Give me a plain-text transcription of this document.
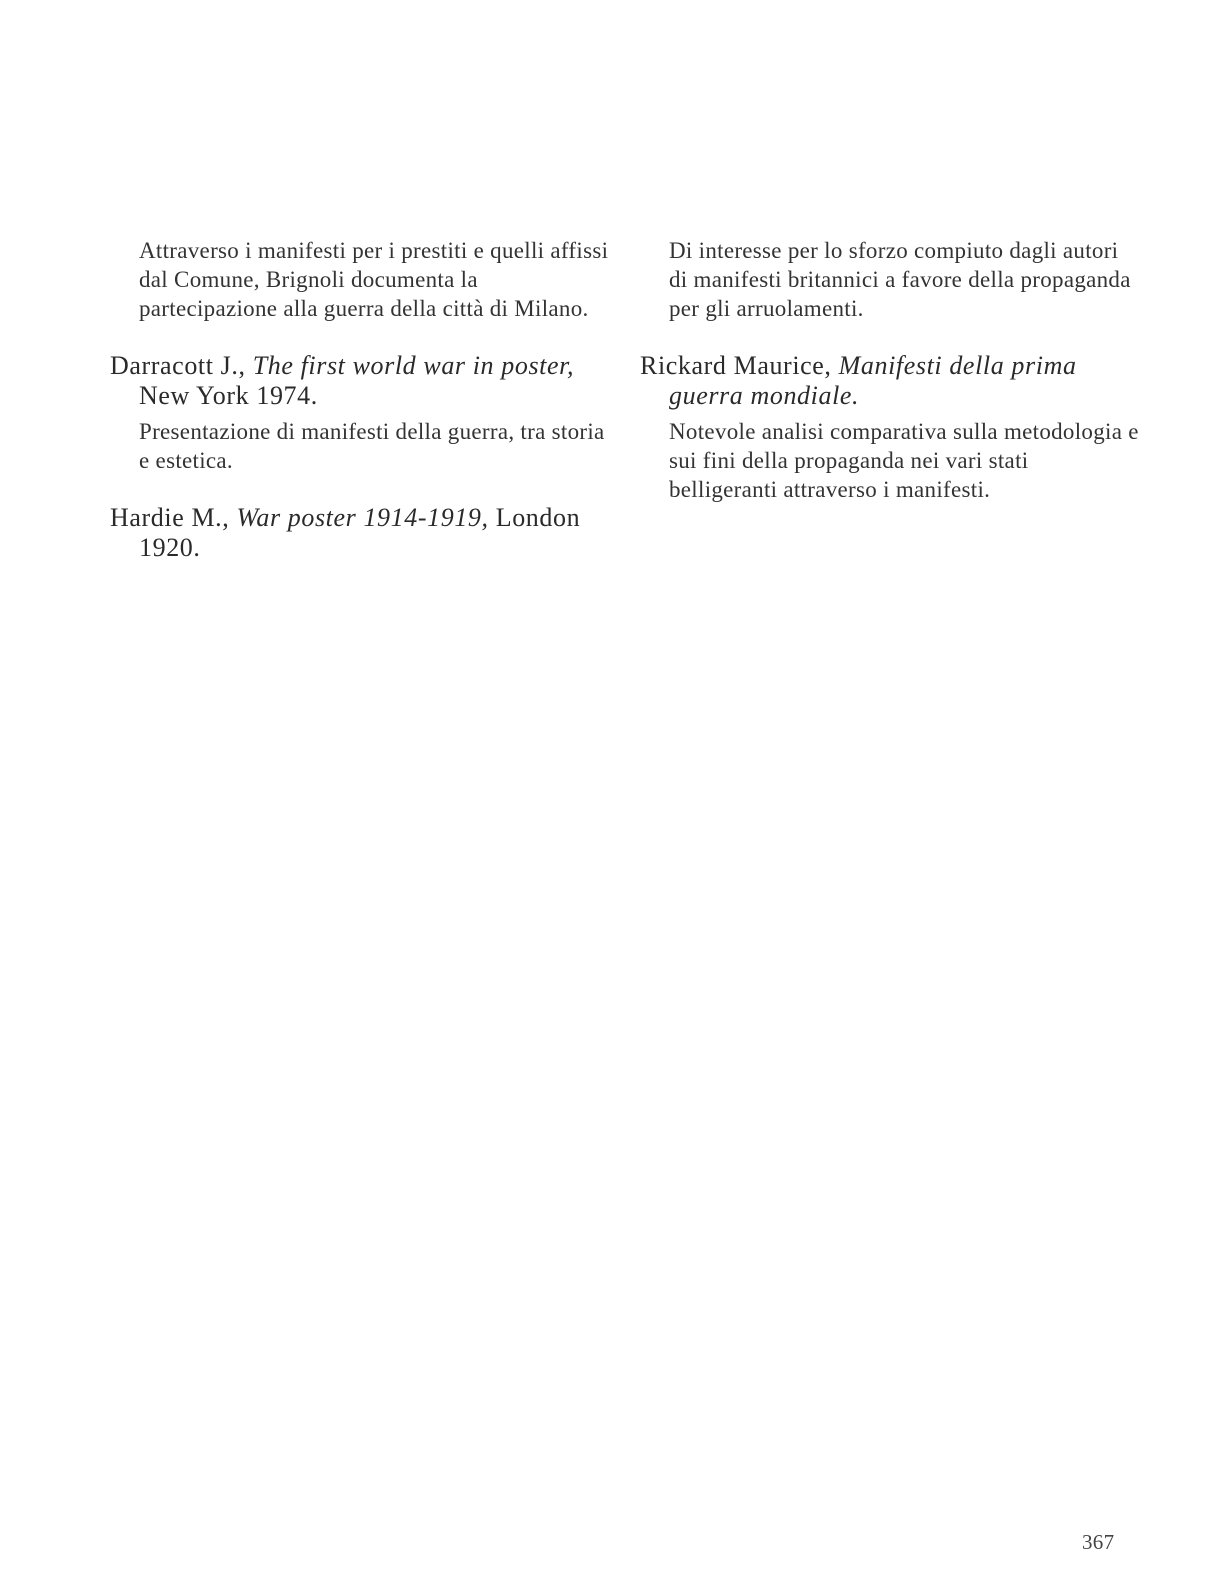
Attraverso i manifesti per i prestiti e quelli affissi dal Comune, Brignoli documenta la partecipazione alla guerra della città di Milano.

Darracott J., The first world war in poster, New York 1974.

Presentazione di manifesti della guerra, tra storia e estetica.

Hardie M., War poster 1914-1919, London 1920.

Di interesse per lo sforzo compiuto dagli autori di manifesti britannici a favore della propaganda per gli arruolamenti.

Rickard Maurice, Manifesti della prima guerra mondiale.

Notevole analisi comparativa sulla metodologia e sui fini della propaganda nei vari stati belligeranti attraverso i manifesti.

367
